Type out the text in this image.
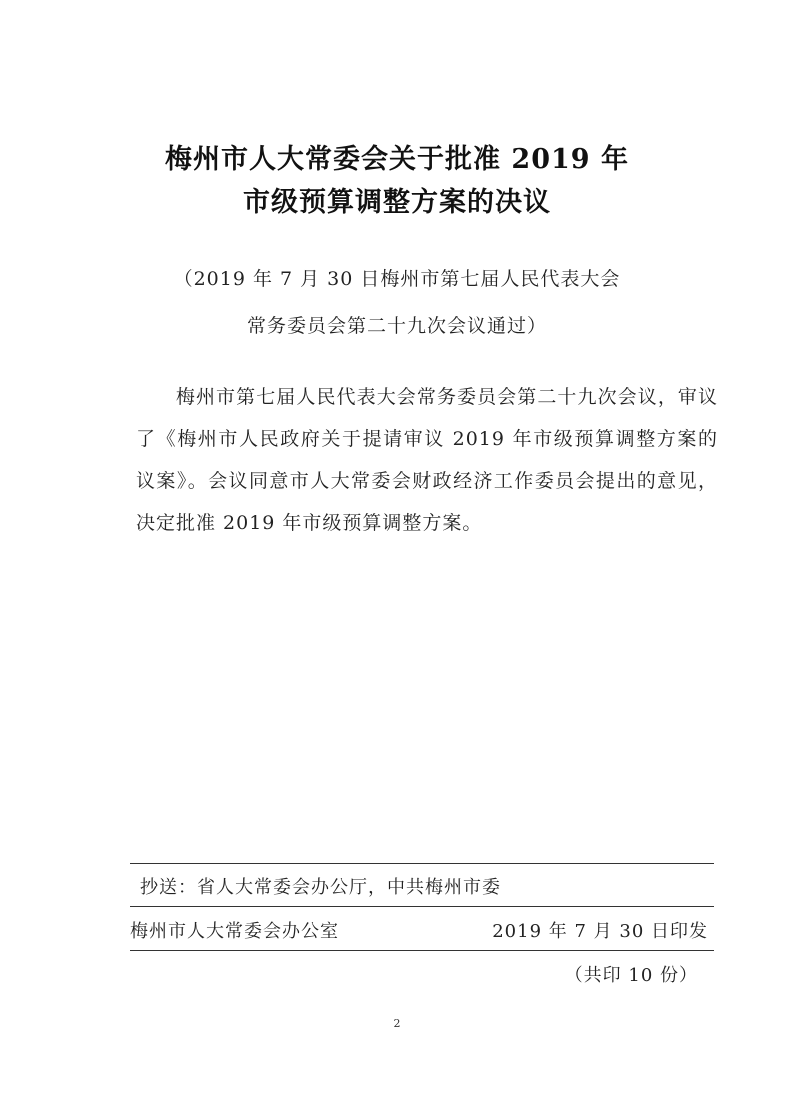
梅州市人大常委会关于批准 2019 年
市级预算调整方案的决议
（2019 年 7 月 30 日梅州市第七届人民代表大会
常务委员会第二十九次会议通过）

梅州市第七届人民代表大会常务委员会第二十九次会议，审议了《梅州市人民政府关于提请审议 2019 年市级预算调整方案的议案》。会议同意市人大常委会财政经济工作委员会提出的意见，决定批准 2019 年市级预算调整方案。

抄送：省人大常委会办公厅，中共梅州市委
梅州市人大常委会办公室	2019 年 7 月 30 日印发
（共印 10 份）
2
